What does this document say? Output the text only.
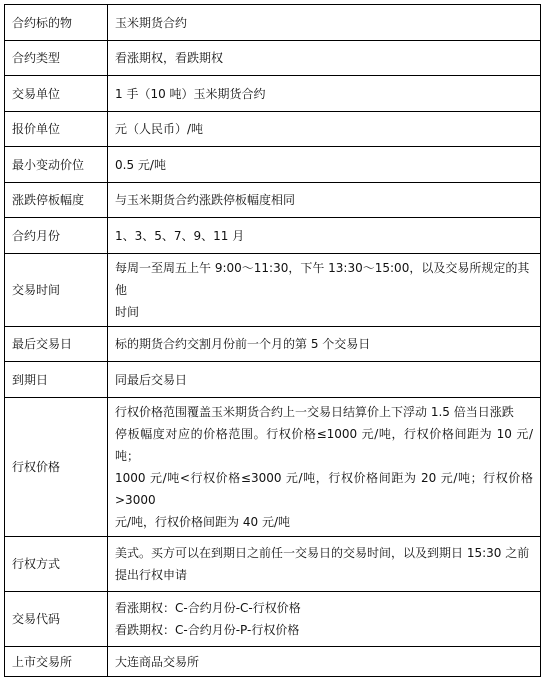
合约标的物	玉米期货合约
合约类型	看涨期权，看跌期权
交易单位	1 手（10 吨）玉米期货合约
报价单位	元（人民币）/吨
最小变动价位	0.5 元/吨
涨跌停板幅度	与玉米期货合约涨跌停板幅度相同
合约月份	1、3、5、7、9、11 月
交易时间	每周一至周五上午 9:00～11:30，下午 13:30～15:00，以及交易所规定的其他
时间

最后交易日	标的期货合约交割月份前一个月的第 5 个交易日
到期日	同最后交易日
行权价格	行权价格范围覆盖玉米期货合约上一交易日结算价上下浮动 1.5 倍当日涨跌
停板幅度对应的价格范围。行权价格≤1000 元/吨，行权价格间距为 10 元/吨；
1000 元/吨<行权价格≤3000 元/吨，行权价格间距为 20 元/吨；行权价格>3000
元/吨，行权价格间距为 40 元/吨

行权方式	美式。买方可以在到期日之前任一交易日的交易时间，以及到期日 15:30 之前
提出行权申请

交易代码	看涨期权：C-合约月份-C-行权价格
看跌期权：C-合约月份-P-行权价格

上市交易所	大连商品交易所
